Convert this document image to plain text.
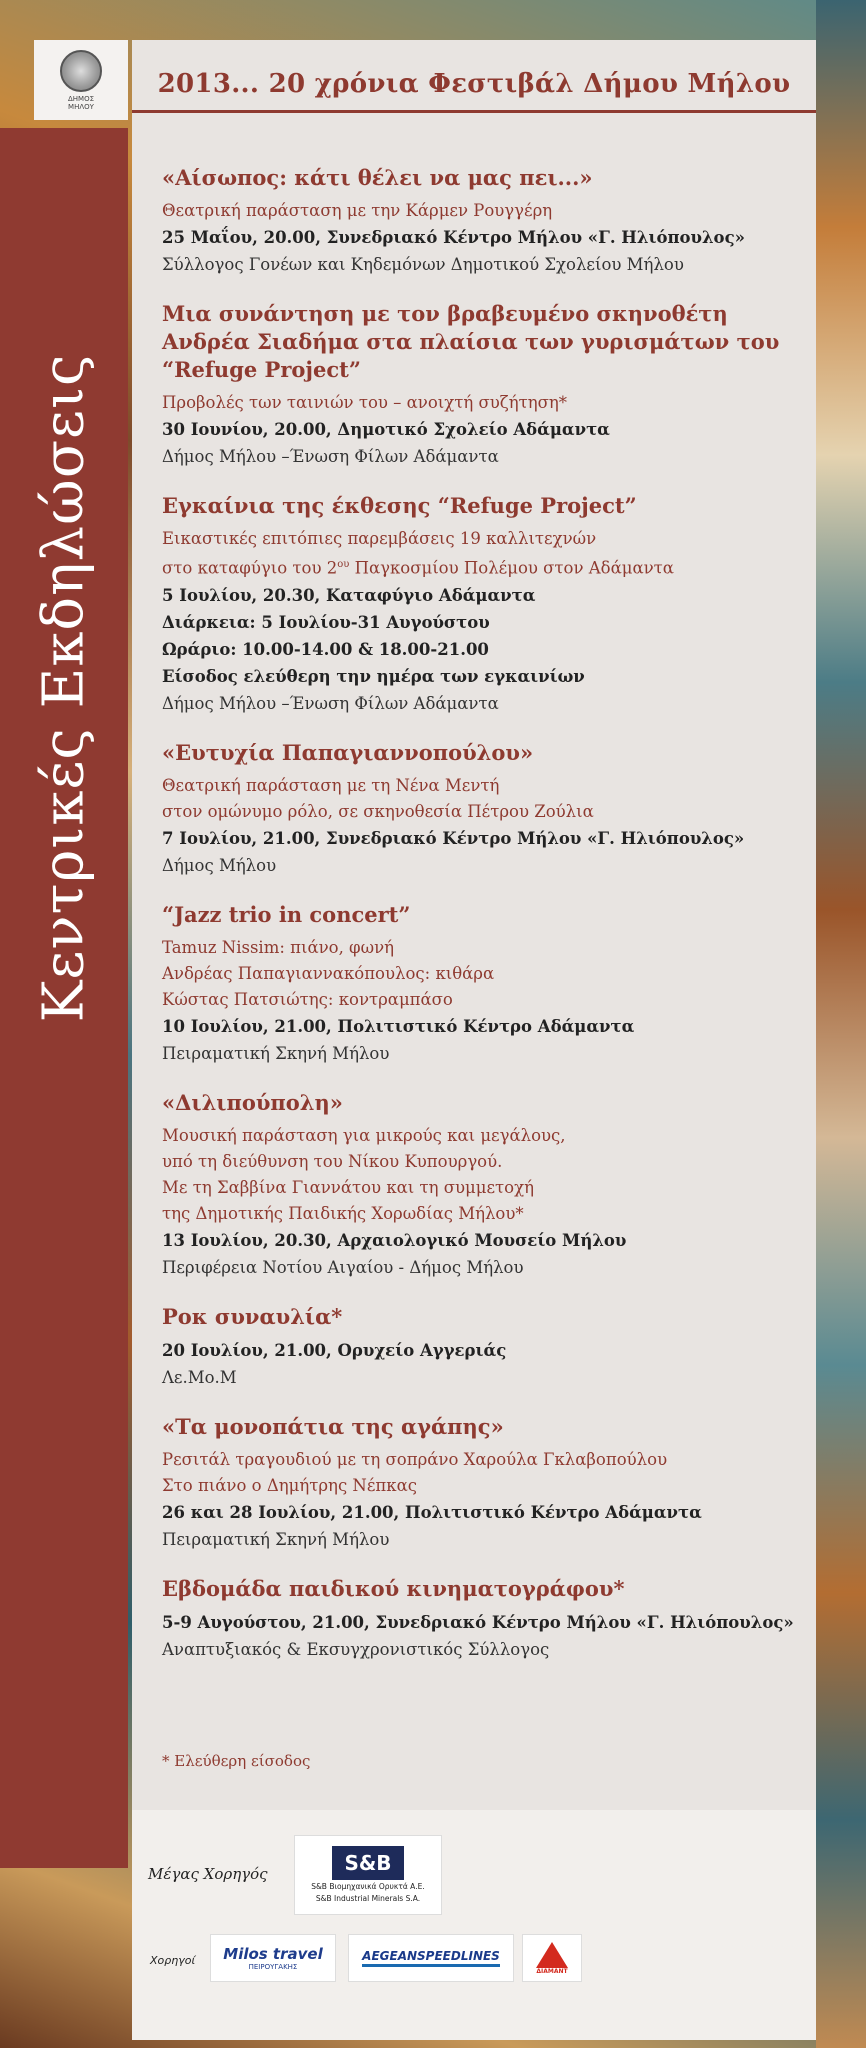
Κεντρικές Εκδηλώσεις
ΔΗΜΟΣ
ΜΗΛΟΥ
2013... 20 χρόνια Φεστιβάλ Δήμου Μήλου
«Αίσωπος: κάτι θέλει να μας πει...»
Θεατρική παράσταση με την Κάρμεν Ρουγγέρη
25 Μαΐου, 20.00, Συνεδριακό Κέντρο Μήλου «Γ. Ηλιόπουλος»
Σύλλογος Γονέων και Κηδεμόνων Δημοτικού Σχολείου Μήλου
Μια συνάντηση με τον βραβευμένο σκηνοθέτη Ανδρέα Σιαδήμα στα πλαίσια των γυρισμάτων του “Refuge Project”
Προβολές των ταινιών του – ανοιχτή συζήτηση*
30 Ιουνίου, 20.00, Δημοτικό Σχολείο Αδάμαντα
Δήμος Μήλου –Ένωση Φίλων Αδάμαντα
Εγκαίνια της έκθεσης “Refuge Project”
Εικαστικές επιτόπιες παρεμβάσεις 19 καλλιτεχνών
στο καταφύγιο του $2^{o\upsilon}$ Παγκοσμίου Πολέμου στον Αδάμαντα
5 Ιουλίου, 20.30, Καταφύγιο Αδάμαντα
Διάρκεια: 5 Ιουλίου-31 Αυγούστου
Ωράριο: 10.00-14.00 & 18.00-21.00
Είσοδος ελεύθερη την ημέρα των εγκαινίων
Δήμος Μήλου –Ένωση Φίλων Αδάμαντα
«Ευτυχία Παπαγιαννοπούλου»
Θεατρική παράσταση με τη Νένα Μεντή
στον ομώνυμο ρόλο, σε σκηνοθεσία Πέτρου Ζούλια
7 Ιουλίου, 21.00, Συνεδριακό Κέντρο Μήλου «Γ. Ηλιόπουλος»
Δήμος Μήλου
“Jazz trio in concert”
Tamuz Nissim: πιάνο, φωνή
Ανδρέας Παπαγιαννακόπουλος: κιθάρα
Κώστας Πατσιώτης: κοντραμπάσο
10 Ιουλίου, 21.00, Πολιτιστικό Κέντρο Αδάμαντα
Πειραματική Σκηνή Μήλου
«Διλιπούπολη»
Μουσική παράσταση για μικρούς και μεγάλους,
υπό τη διεύθυνση του Νίκου Κυπουργού.
Με τη Σαββίνα Γιαννάτου και τη συμμετοχή
της Δημοτικής Παιδικής Χορωδίας Μήλου*
13 Ιουλίου, 20.30, Αρχαιολογικό Μουσείο Μήλου
Περιφέρεια Νοτίου Αιγαίου - Δήμος Μήλου
Ροκ συναυλία*
20 Ιουλίου, 21.00, Ορυχείο Αγγεριάς
Λε.Μο.Μ
«Τα μονοπάτια της αγάπης»
Ρεσιτάλ τραγουδιού με τη σοπράνο Χαρούλα Γκλαβοπούλου
Στο πιάνο ο Δημήτρης Νέπκας
26 και 28 Ιουλίου, 21.00, Πολιτιστικό Κέντρο Αδάμαντα
Πειραματική Σκηνή Μήλου
Εβδομάδα παιδικού κινηματογράφου*
5-9 Αυγούστου, 21.00, Συνεδριακό Κέντρο Μήλου «Γ. Ηλιόπουλος»
Αναπτυξιακός & Εκσυγχρονιστικός Σύλλογος
* Ελεύθερη είσοδος
Μέγας Χορηγός	S&B
S&B Βιομηχανικά Ορυκτά Α.Ε.
S&B Industrial Minerals S.A.
Χορηγοί Milos travel
ΠΕΙΡΟΥΓΑΚΗΣ
AEGEANSPEEDLINES
ΔΙΑΜΑΝΤ
